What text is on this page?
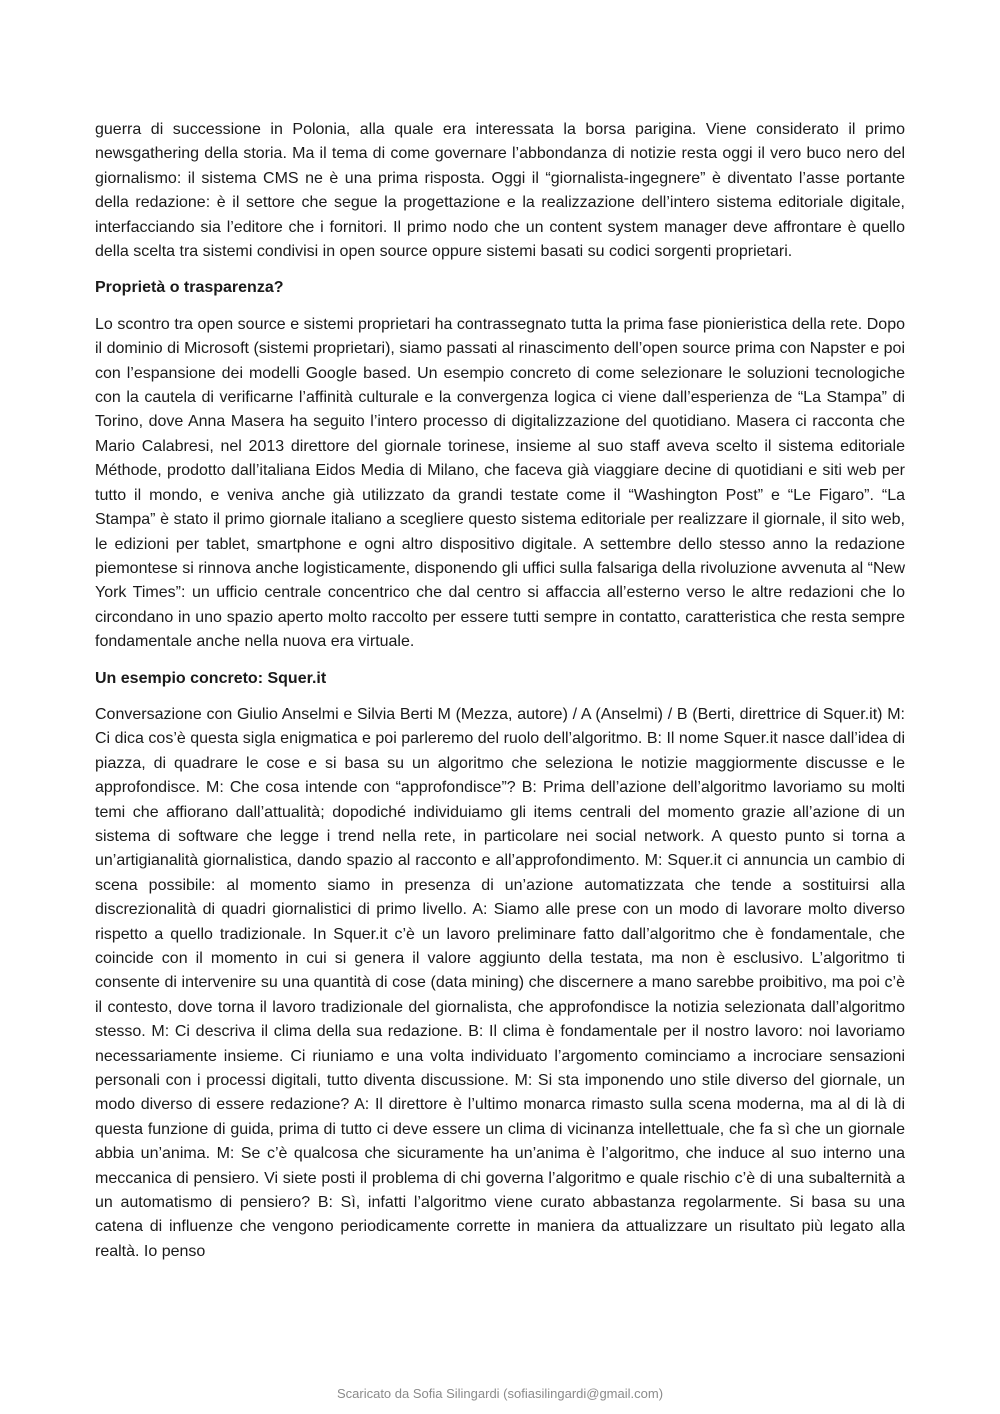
guerra di successione in Polonia, alla quale era interessata la borsa parigina. Viene considerato il primo newsgathering della storia. Ma il tema di come governare l’abbondanza di notizie resta oggi il vero buco nero del giornalismo: il sistema CMS ne è una prima risposta. Oggi il “giornalista-ingegnere” è diventato l’asse portante della redazione: è il settore che segue la progettazione e la realizzazione dell’intero sistema editoriale digitale, interfacciando sia l’editore che i fornitori. Il primo nodo che un content system manager deve affrontare è quello della scelta tra sistemi condivisi in open source oppure sistemi basati su codici sorgenti proprietari.

Proprietà o trasparenza?

Lo scontro tra open source e sistemi proprietari ha contrassegnato tutta la prima fase pionieristica della rete. Dopo il dominio di Microsoft (sistemi proprietari), siamo passati al rinascimento dell’open source prima con Napster e poi con l’espansione dei modelli Google based. Un esempio concreto di come selezionare le soluzioni tecnologiche con la cautela di verificarne l’affinità culturale e la convergenza logica ci viene dall’esperienza de “La Stampa” di Torino, dove Anna Masera ha seguito l’intero processo di digitalizzazione del quotidiano. Masera ci racconta che Mario Calabresi, nel 2013 direttore del giornale torinese, insieme al suo staff aveva scelto il sistema editoriale Méthode, prodotto dall’italiana Eidos Media di Milano, che faceva già viaggiare decine di quotidiani e siti web per tutto il mondo, e veniva anche già utilizzato da grandi testate come il “Washington Post” e “Le Figaro”. “La Stampa” è stato il primo giornale italiano a scegliere questo sistema editoriale per realizzare il giornale, il sito web, le edizioni per tablet, smartphone e ogni altro dispositivo digitale. A settembre dello stesso anno la redazione piemontese si rinnova anche logisticamente, disponendo gli uffici sulla falsariga della rivoluzione avvenuta al “New York Times”: un ufficio centrale concentrico che dal centro si affaccia all’esterno verso le altre redazioni che lo circondano in uno spazio aperto molto raccolto per essere tutti sempre in contatto, caratteristica che resta sempre fondamentale anche nella nuova era virtuale.

Un esempio concreto: Squer.it

Conversazione con Giulio Anselmi e Silvia Berti M (Mezza, autore) / A (Anselmi) / B (Berti, direttrice di Squer.it) M: Ci dica cos’è questa sigla enigmatica e poi parleremo del ruolo dell’algoritmo. B: Il nome Squer.it nasce dall’idea di piazza, di quadrare le cose e si basa su un algoritmo che seleziona le notizie maggiormente discusse e le approfondisce. M: Che cosa intende con “approfondisce”? B: Prima dell’azione dell’algoritmo lavoriamo su molti temi che affiorano dall’attualità; dopodiché individuiamo gli items centrali del momento grazie all’azione di un sistema di software che legge i trend nella rete, in particolare nei social network. A questo punto si torna a un’artigianalità giornalistica, dando spazio al racconto e all’approfondimento. M: Squer.it ci annuncia un cambio di scena possibile: al momento siamo in presenza di un’azione automatizzata che tende a sostituirsi alla discrezionalità di quadri giornalistici di primo livello. A: Siamo alle prese con un modo di lavorare molto diverso rispetto a quello tradizionale. In Squer.it c’è un lavoro preliminare fatto dall’algoritmo che è fondamentale, che coincide con il momento in cui si genera il valore aggiunto della testata, ma non è esclusivo. L’algoritmo ti consente di intervenire su una quantità di cose (data mining) che discernere a mano sarebbe proibitivo, ma poi c’è il contesto, dove torna il lavoro tradizionale del giornalista, che approfondisce la notizia selezionata dall’algoritmo stesso. M: Ci descriva il clima della sua redazione. B: Il clima è fondamentale per il nostro lavoro: noi lavoriamo necessariamente insieme. Ci riuniamo e una volta individuato l’argomento cominciamo a incrociare sensazioni personali con i processi digitali, tutto diventa discussione. M: Si sta imponendo uno stile diverso del giornale, un modo diverso di essere redazione? A: Il direttore è l’ultimo monarca rimasto sulla scena moderna, ma al di là di questa funzione di guida, prima di tutto ci deve essere un clima di vicinanza intellettuale, che fa sì che un giornale abbia un’anima. M: Se c’è qualcosa che sicuramente ha un’anima è l’algoritmo, che induce al suo interno una meccanica di pensiero. Vi siete posti il problema di chi governa l’algoritmo e quale rischio c’è di una subalternità a un automatismo di pensiero? B: Sì, infatti l’algoritmo viene curato abbastanza regolarmente. Si basa su una catena di influenze che vengono periodicamente corrette in maniera da attualizzare un risultato più legato alla realtà. Io penso

Scaricato da Sofia Silingardi (sofiasilingardi@gmail.com)
